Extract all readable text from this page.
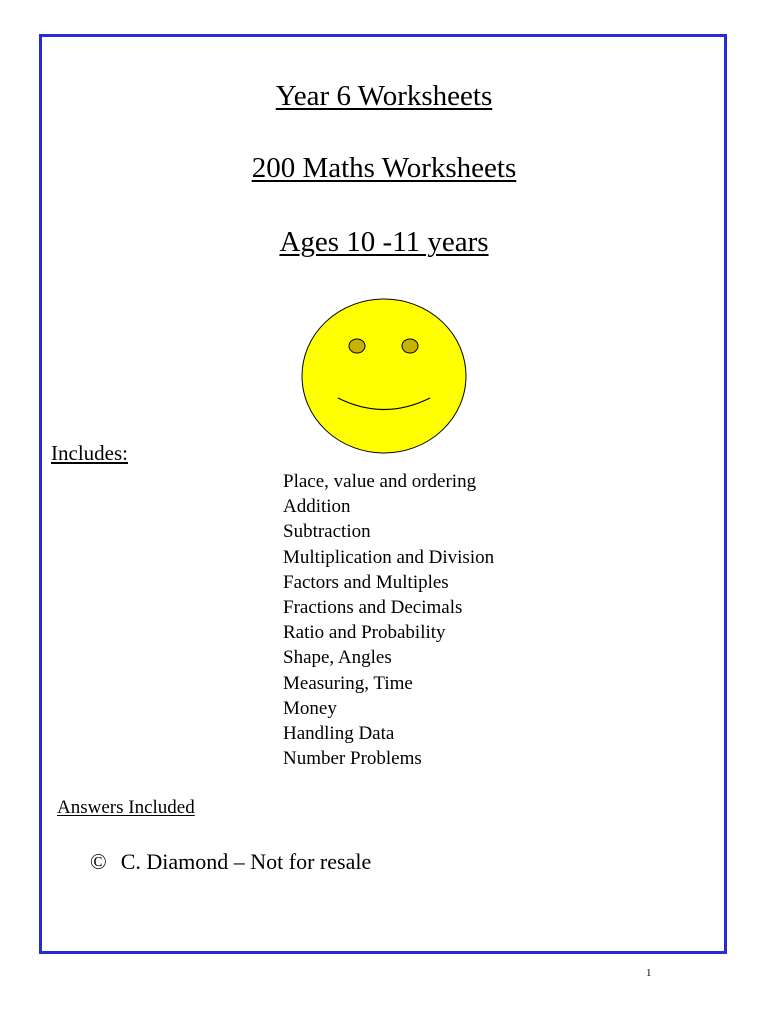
Year 6 Worksheets
200 Maths Worksheets
Ages 10 -11 years
Includes:
Place, value and ordering
Addition
Subtraction
Multiplication and Division
Factors and Multiples
Fractions and Decimals
Ratio and Probability
Shape, Angles
Measuring, Time
Money
Handling Data
Number Problems
Answers Included
© C. Diamond – Not for resale
1
